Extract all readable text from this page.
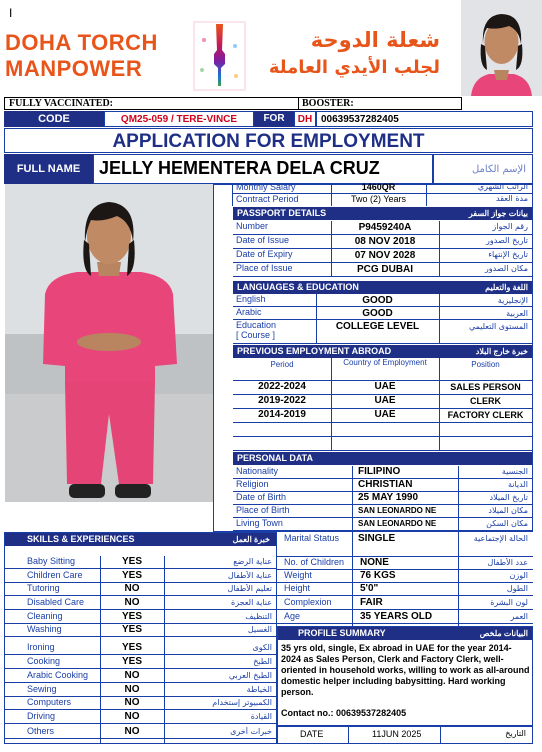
I
DOHA TORCH
MANPOWER
شعلة الدوحة
لجلب الأيدي العاملة
FULLY VACCINATED:	BOOSTER:
CODE	QM25-059 / TERE-VINCE	FOR	DH 00639537282405
APPLICATION FOR EMPLOYMENT
FULL NAME	JELLY HEMENTERA DELA CRUZ	الإسم الكامل
Monthly Salary	1460QR	الراتب الشهري
Contract Period	Two (2) Years	مدة العقد
PASSPORT DETAILS	بيانات جواز السفر
Number	P9459240A	رقم الجواز
Date of Issue	08 NOV 2018	تاريخ الصدور
Date of Expiry	07 NOV 2028	تاريخ الإنتهاء
Place of Issue	PCG DUBAI	مكان الصدور
LANGUAGES & EDUCATION	اللغة والتعليم
English	GOOD	الإنجليزية
Arabic	GOOD	العربية
Education
[ Course ]
COLLEGE LEVEL	المستوى التعليمي
PREVIOUS EMPLOYMENT ABROAD	خبرة خارج البلاد
Period	Country of Employment	Position
2022-2024	UAE	SALES PERSON
2019-2022	UAE	CLERK
2014-2019	UAE	FACTORY CLERK
PERSONAL DATA
Nationality	FILIPINO	الجنسية
Religion	CHRISTIAN	الديانة
Date of Birth	25 MAY 1990	تاريخ الميلاد
Place of Birth	SAN LEONARDO NE	مكان الميلاد
Living Town	SAN LEONARDO NE	مكان السكن
SKILLS & EXPERIENCES	خبرة العمل
Baby Sitting	YES	عناية الرضع
Children Care	YES	عناية الأطفال
Tutoring	NO	تعليم الأطفال
Disabled Care	NO	عناية العجزة
Cleaning	YES	التنظيف
Washing	YES	الغسيل
Ironing	YES	الكوى
Cooking	YES	الطبخ
Arabic Cooking	NO	الطبخ العربي
Sewing	NO	الخياطة
Computers	NO	الكمبيوتر إستخدام
Driving	NO	القيادة
Others	NO	خبرات أخرى
Marital Status SINGLE	الحالة الإجتماعية
No. of Children NONE	عدد الأطفال
Weight	76 KGS	الوزن
Height	5'0"	الطول
Complexion	FAIR	لون البشرة
Age	35 YEARS OLD	العمر
PROFILE SUMMARY	البيانات ملخص
35 yrs old, single, Ex abroad in UAE for the year 2014-2024 as Sales Person, Clerk and Factory Clerk, well-oriented in household works, willing to work as all-around domestic helper including babysitting. Hard working person.
Contact no.: 00639537282405
DATE	11JUN 2025	التاريخ
